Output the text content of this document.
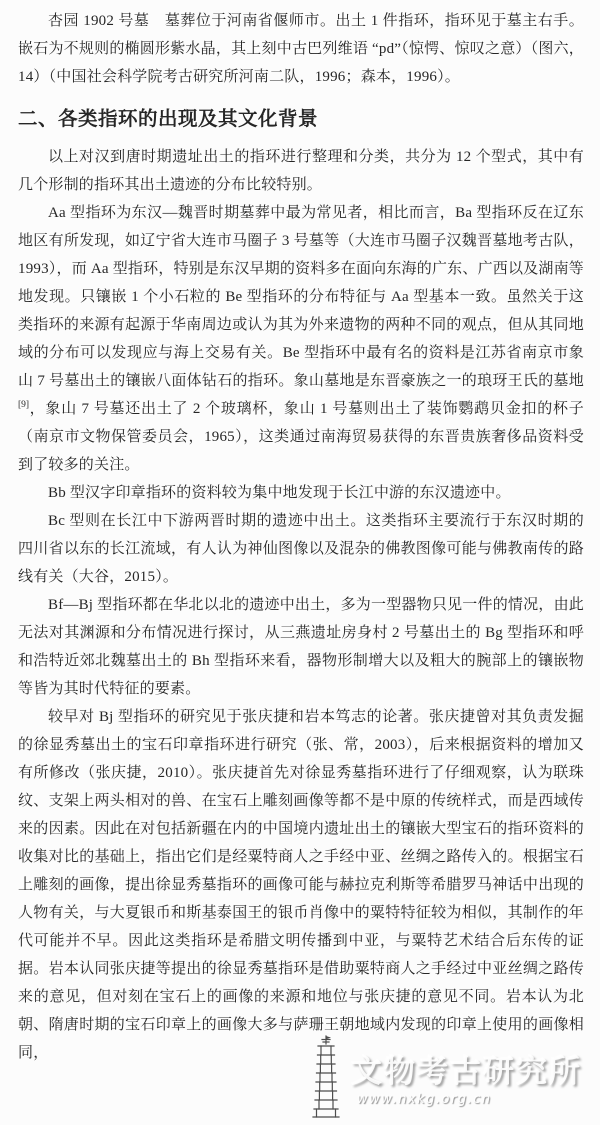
杏园 1902 号墓　墓葬位于河南省偃师市。出土 1 件指环，指环见于墓主右手。嵌石为不规则的椭圆形紫水晶，其上刻中古巴列维语 “pd”（惊愕、惊叹之意）（图六，14）（中国社会科学院考古研究所河南二队，1996；森本，1996）。

二、各类指环的出现及其文化背景

以上对汉到唐时期遗址出土的指环进行整理和分类，共分为 12 个型式，其中有几个形制的指环其出土遗迹的分布比较特别。

Aa 型指环为东汉—魏晋时期墓葬中最为常见者，相比而言，Ba 型指环反在辽东地区有所发现，如辽宁省大连市马圈子 3 号墓等（大连市马圈子汉魏晋墓地考古队，1993），而 Aa 型指环，特别是东汉早期的资料多在面向东海的广东、广西以及湖南等地发现。只镶嵌 1 个小石粒的 Be 型指环的分布特征与 Aa 型基本一致。虽然关于这类指环的来源有起源于华南周边或认为其为外来遗物的两种不同的观点，但从其同地域的分布可以发现应与海上交易有关。Be 型指环中最有名的资料是江苏省南京市象山 7 号墓出土的镶嵌八面体钻石的指环。象山墓地是东晋豪族之一的琅玡王氏的墓地[9]，象山 7 号墓还出土了 2 个玻璃杯，象山 1 号墓则出土了装饰鹦鹉贝金扣的杯子（南京市文物保管委员会，1965），这类通过南海贸易获得的东晋贵族奢侈品资料受到了较多的关注。

Bb 型汉字印章指环的资料较为集中地发现于长江中游的东汉遗迹中。

Bc 型则在长江中下游两晋时期的遗迹中出土。这类指环主要流行于东汉时期的四川省以东的长江流域，有人认为神仙图像以及混杂的佛教图像可能与佛教南传的路线有关（大谷，2015）。

Bf—Bj 型指环都在华北以北的遗迹中出土，多为一型器物只见一件的情况，由此无法对其渊源和分布情况进行探讨，从三燕遗址房身村 2 号墓出土的 Bg 型指环和呼和浩特近郊北魏墓出土的 Bh 型指环来看，器物形制增大以及粗大的腕部上的镶嵌物等皆为其时代特征的要素。

较早对 Bj 型指环的研究见于张庆捷和岩本笃志的论著。张庆捷曾对其负责发掘的徐显秀墓出土的宝石印章指环进行研究（张、常，2003），后来根据资料的增加又有所修改（张庆捷，2010）。张庆捷首先对徐显秀墓指环进行了仔细观察，认为联珠纹、支架上两头相对的兽、在宝石上雕刻画像等都不是中原的传统样式，而是西域传来的因素。因此在对包括新疆在内的中国境内遗址出土的镶嵌大型宝石的指环资料的收集对比的基础上，指出它们是经粟特商人之手经中亚、丝绸之路传入的。根据宝石上雕刻的画像，提出徐显秀墓指环的画像可能与赫拉克利斯等希腊罗马神话中出现的人物有关，与大夏银币和斯基泰国王的银币肖像中的粟特特征较为相似，其制作的年代可能并不早。因此这类指环是希腊文明传播到中亚，与粟特艺术结合后东传的证据。岩本认同张庆捷等提出的徐显秀墓指环是借助粟特商人之手经过中亚丝绸之路传来的意见，但对刻在宝石上的画像的来源和地位与张庆捷的意见不同。岩本认为北朝、隋唐时期的宝石印章上的画像大多与萨珊王朝地域内发现的印章上使用的画像相同，

文物考古研究所
www.nxkg.org.cn
